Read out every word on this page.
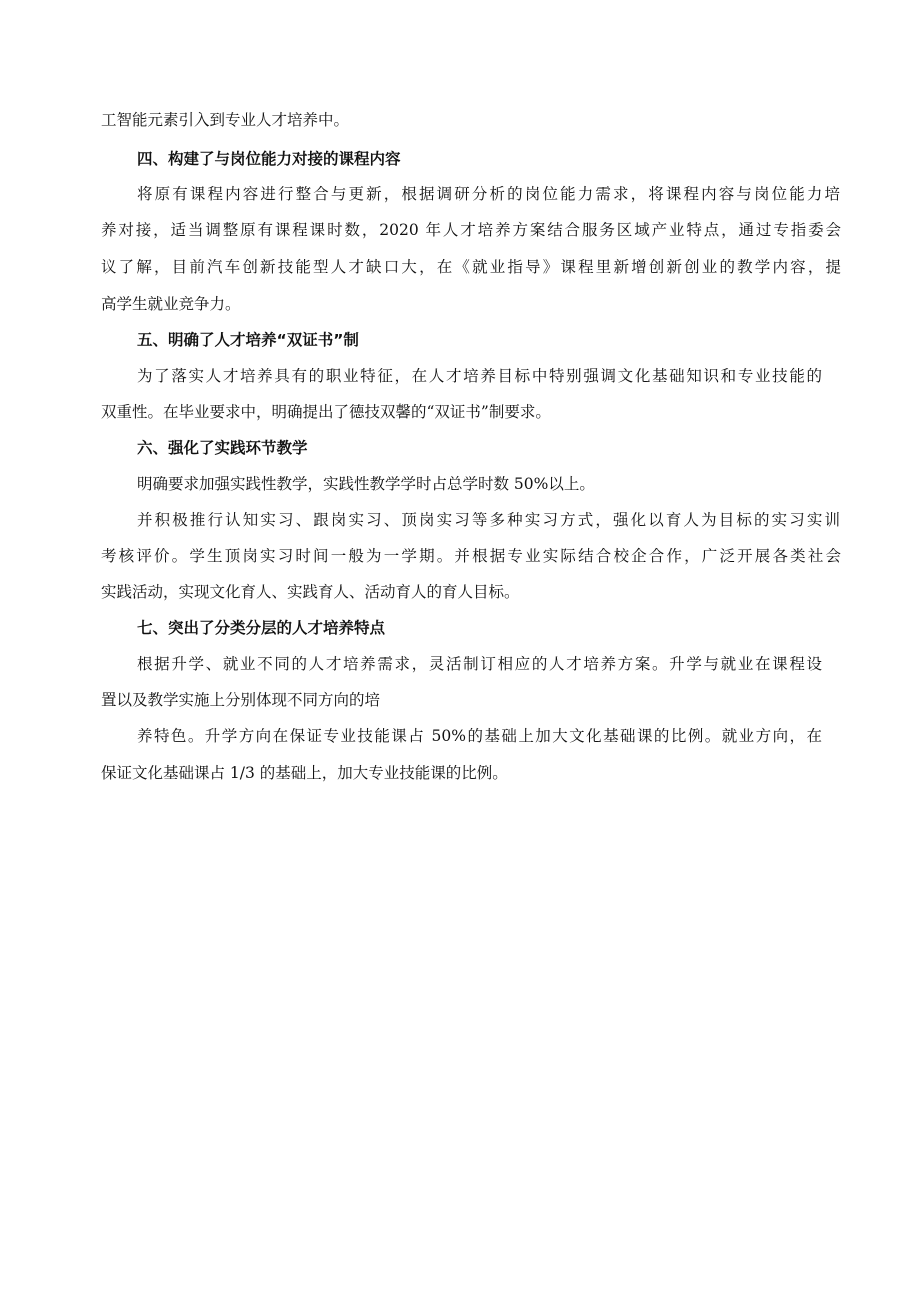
工智能元素引入到专业人才培养中。
四、构建了与岗位能力对接的课程内容
将原有课程内容进行整合与更新，根据调研分析的岗位能力需求，将课程内容与岗位能力培
养对接，适当调整原有课程课时数，2020 年人才培养方案结合服务区域产业特点，通过专指委会
议了解，目前汽车创新技能型人才缺口大，在《就业指导》课程里新增创新创业的教学内容，提
高学生就业竞争力。
五、明确了人才培养“双证书”制
为了落实人才培养具有的职业特征，在人才培养目标中特别强调文化基础知识和专业技能的
双重性。在毕业要求中，明确提出了德技双馨的“双证书”制要求。
六、强化了实践环节教学
明确要求加强实践性教学，实践性教学学时占总学时数 50%以上。
并积极推行认知实习、跟岗实习、顶岗实习等多种实习方式，强化以育人为目标的实习实训
考核评价。学生顶岗实习时间一般为一学期。并根据专业实际结合校企合作，广泛开展各类社会
实践活动，实现文化育人、实践育人、活动育人的育人目标。
七、突出了分类分层的人才培养特点
根据升学、就业不同的人才培养需求，灵活制订相应的人才培养方案。升学与就业在课程设
置以及教学实施上分别体现不同方向的培
养特色。升学方向在保证专业技能课占 50%的基础上加大文化基础课的比例。就业方向，在
保证文化基础课占 1/3 的基础上，加大专业技能课的比例。
